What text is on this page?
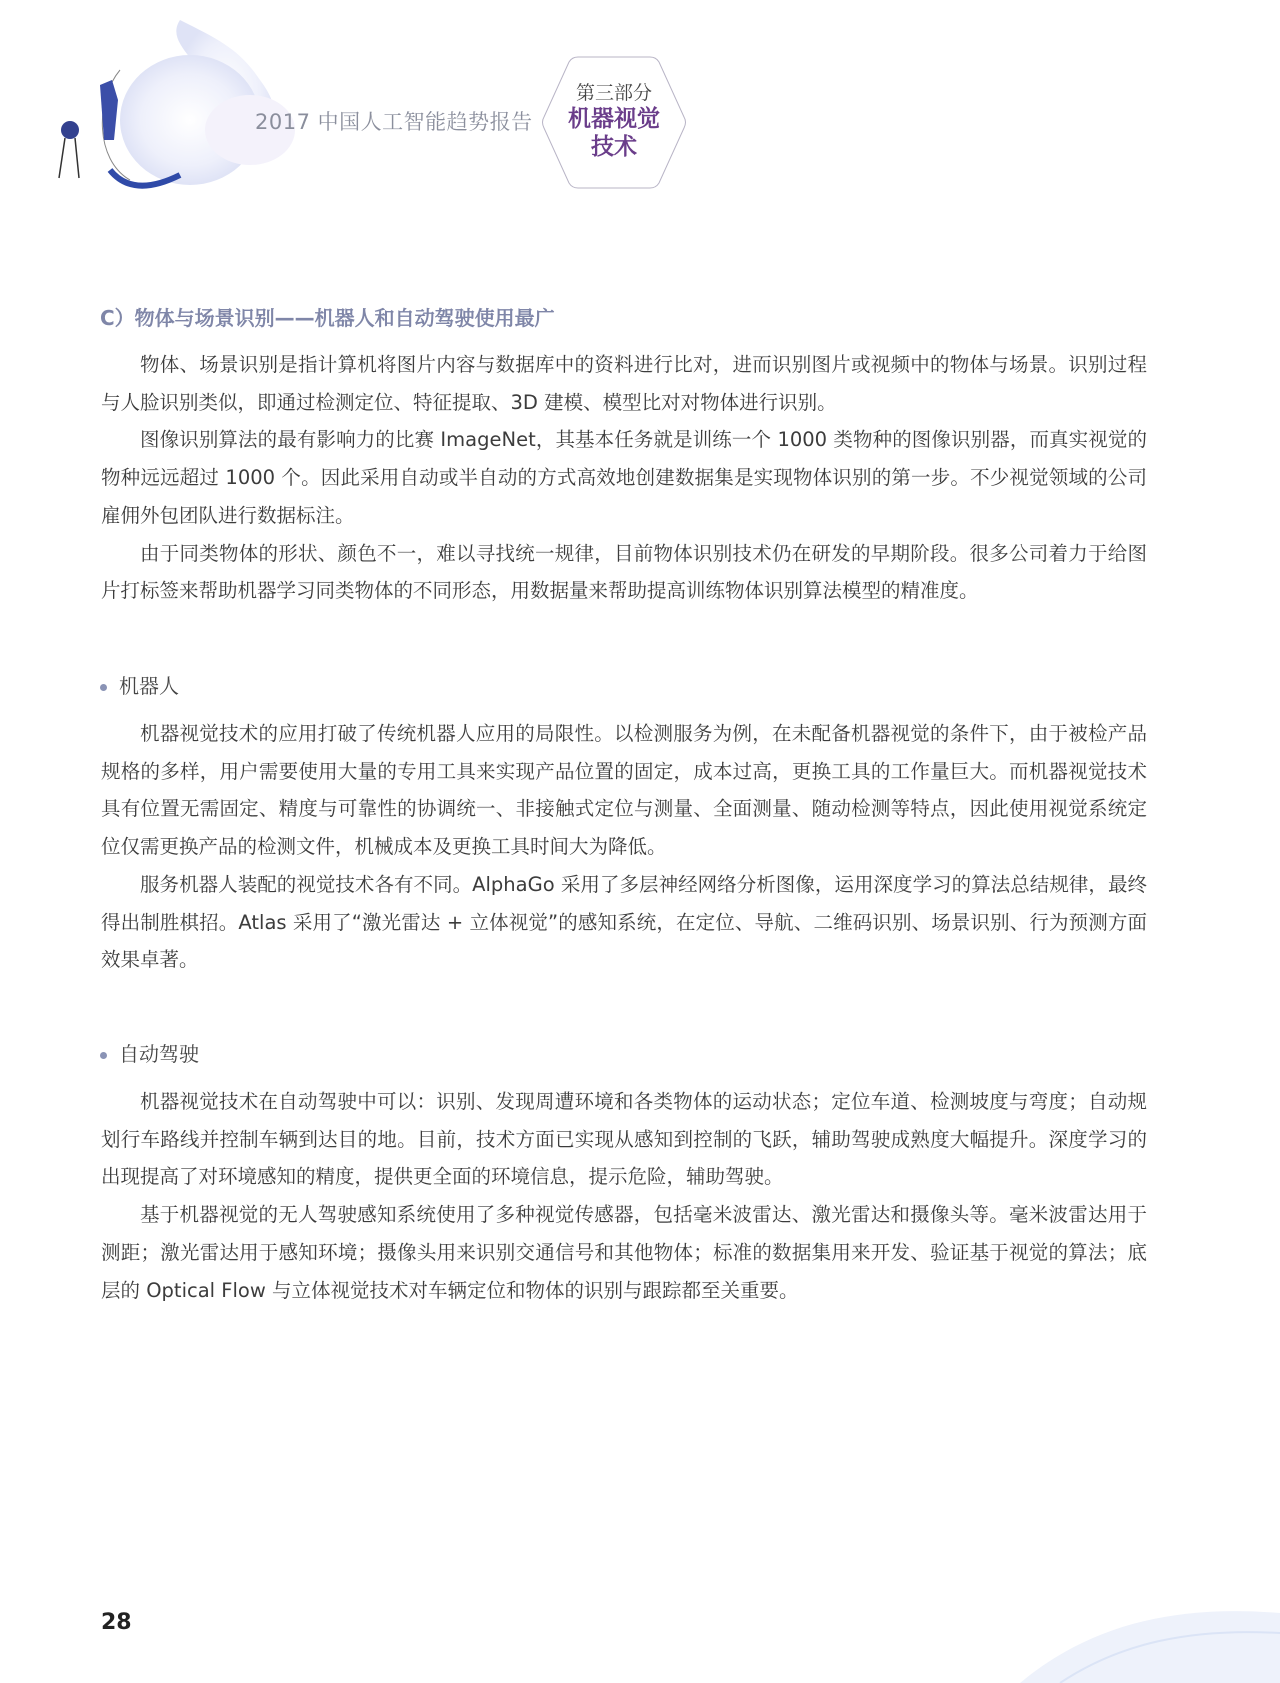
2017 中国人工智能趋势报告
第三部分
机器视觉
技术
C）物体与场景识别——机器人和自动驾驶使用最广

物体、场景识别是指计算机将图片内容与数据库中的资料进行比对，进而识别图片或视频中的物体与场景。识别过程与人脸识别类似，即通过检测定位、特征提取、3D 建模、模型比对对物体进行识别。

图像识别算法的最有影响力的比赛 ImageNet，其基本任务就是训练一个 1000 类物种的图像识别器，而真实视觉的物种远远超过 1000 个。因此采用自动或半自动的方式高效地创建数据集是实现物体识别的第一步。不少视觉领域的公司雇佣外包团队进行数据标注。

由于同类物体的形状、颜色不一，难以寻找统一规律，目前物体识别技术仍在研发的早期阶段。很多公司着力于给图片打标签来帮助机器学习同类物体的不同形态，用数据量来帮助提高训练物体识别算法模型的精准度。

机器人

机器视觉技术的应用打破了传统机器人应用的局限性。以检测服务为例，在未配备机器视觉的条件下，由于被检产品规格的多样，用户需要使用大量的专用工具来实现产品位置的固定，成本过高，更换工具的工作量巨大。而机器视觉技术具有位置无需固定、精度与可靠性的协调统一、非接触式定位与测量、全面测量、随动检测等特点，因此使用视觉系统定位仅需更换产品的检测文件，机械成本及更换工具时间大为降低。

服务机器人装配的视觉技术各有不同。AlphaGo 采用了多层神经网络分析图像，运用深度学习的算法总结规律，最终得出制胜棋招。Atlas 采用了“激光雷达 + 立体视觉”的感知系统，在定位、导航、二维码识别、场景识别、行为预测方面效果卓著。

自动驾驶

机器视觉技术在自动驾驶中可以：识别、发现周遭环境和各类物体的运动状态；定位车道、检测坡度与弯度；自动规划行车路线并控制车辆到达目的地。目前，技术方面已实现从感知到控制的飞跃，辅助驾驶成熟度大幅提升。深度学习的出现提高了对环境感知的精度，提供更全面的环境信息，提示危险，辅助驾驶。

基于机器视觉的无人驾驶感知系统使用了多种视觉传感器，包括毫米波雷达、激光雷达和摄像头等。毫米波雷达用于测距；激光雷达用于感知环境；摄像头用来识别交通信号和其他物体；标准的数据集用来开发、验证基于视觉的算法；底层的 Optical Flow 与立体视觉技术对车辆定位和物体的识别与跟踪都至关重要。

28
